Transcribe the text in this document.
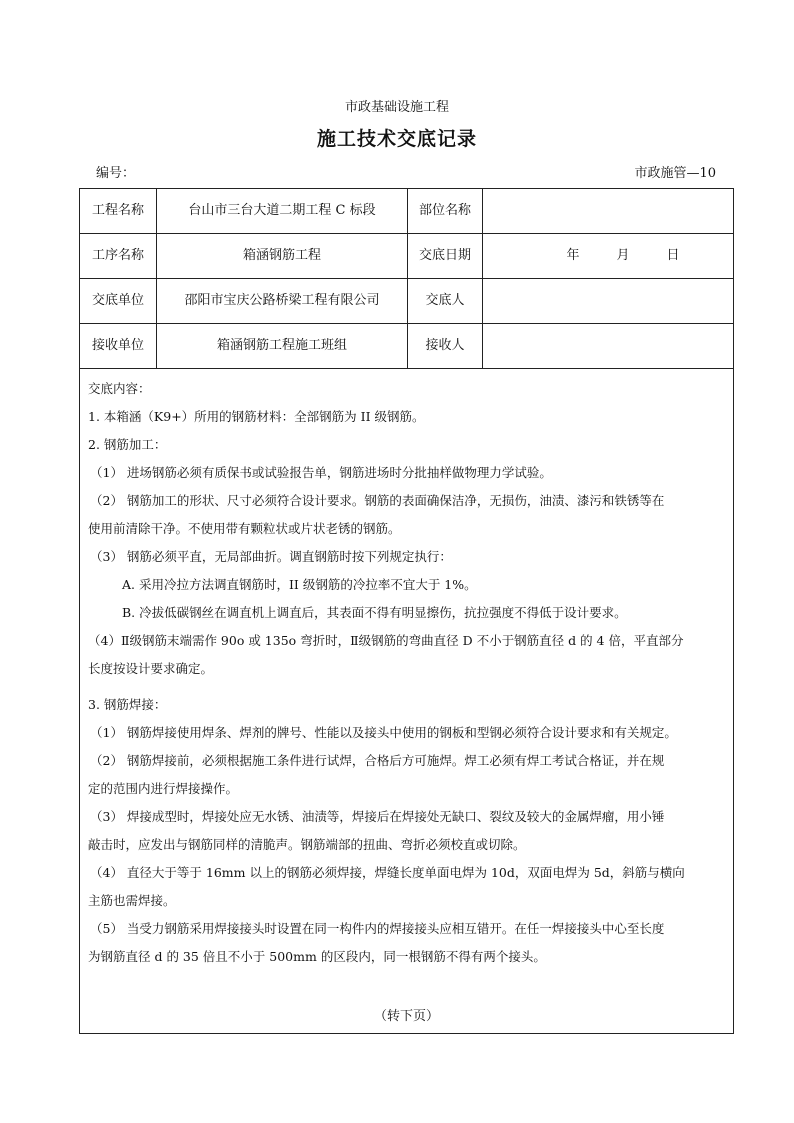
市政基础设施工程
施工技术交底记录
编号：	市政施管—10
工程名称	台山市三台大道二期工程 C 标段	部位名称
工序名称	箱涵钢筋工程	交底日期	年	月	日
交底单位	邵阳市宝庆公路桥梁工程有限公司	交底人
接收单位	箱涵钢筋工程施工班组	接收人

交底内容：

1. 本箱涵（K9+）所用的钢筋材料：全部钢筋为 II 级钢筋。

2. 钢筋加工：

（1） 进场钢筋必须有质保书或试验报告单，钢筋进场时分批抽样做物理力学试验。

（2） 钢筋加工的形状、尺寸必须符合设计要求。钢筋的表面确保洁净，无损伤，油渍、漆污和铁锈等在

使用前清除干净。不使用带有颗粒状或片状老锈的钢筋。

（3） 钢筋必须平直，无局部曲折。调直钢筋时按下列规定执行：

A. 采用冷拉方法调直钢筋时，II 级钢筋的冷拉率不宜大于 1%。

B. 冷拔低碳钢丝在调直机上调直后，其表面不得有明显擦伤，抗拉强度不得低于设计要求。

（4）Ⅱ级钢筋末端需作 90o 或 135o 弯折时，Ⅱ级钢筋的弯曲直径 D 不小于钢筋直径 d 的 4 倍，平直部分

长度按设计要求确定。

3. 钢筋焊接：

（1） 钢筋焊接使用焊条、焊剂的牌号、性能以及接头中使用的钢板和型钢必须符合设计要求和有关规定。

（2） 钢筋焊接前，必须根据施工条件进行试焊，合格后方可施焊。焊工必须有焊工考试合格证，并在规

定的范围内进行焊接操作。

（3） 焊接成型时，焊接处应无水锈、油渍等，焊接后在焊接处无缺口、裂纹及较大的金属焊瘤，用小锤

敲击时，应发出与钢筋同样的清脆声。钢筋端部的扭曲、弯折必须校直或切除。

（4） 直径大于等于 16mm 以上的钢筋必须焊接，焊缝长度单面电焊为 10d，双面电焊为 5d，斜筋与横向

主筋也需焊接。

（5） 当受力钢筋采用焊接接头时设置在同一构件内的焊接接头应相互错开。在任一焊接接头中心至长度

为钢筋直径 d 的 35 倍且不小于 500mm 的区段内，同一根钢筋不得有两个接头。

（转下页）
